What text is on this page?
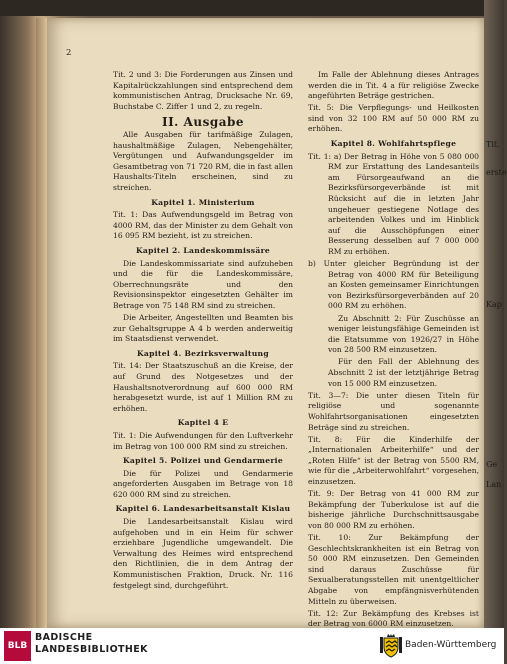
2

Tit. 2 und 3: Die Forderungen aus Zinsen und Kapitalrückzahlungen sind entsprechend dem kommunistischen Antrag, Drucksache Nr. 69, Buchstabe C. Ziffer 1 und 2, zu regeln.

II. Ausgabe

Alle Ausgaben für tarifmäßige Zulagen, haushaltmäßige Zulagen, Nebengehälter, Vergütungen und Aufwandungsgelder im Gesamtbetrag von 71 720 RM, die in fast allen Haushalts-Titeln erscheinen, sind zu streichen.

Kapitel 1. Ministerium

Tit. 1: Das Aufwendungsgeld im Betrag von 4000 RM, das der Minister zu dem Gehalt von 16 095 RM bezieht, ist zu streichen.

Kapitel 2. Landeskommissäre

Die Landeskommissariate sind aufzuheben und die für die Landeskommissäre, Oberrechnungsräte und den Revisionsinspektor eingesetzten Gehälter im Betrage von 75 148 RM sind zu streichen.

Die Arbeiter, Angestellten und Beamten bis zur Gehaltsgruppe A 4 b werden anderweitig im Staatsdienst verwendet.

Kapitel 4. Bezirksverwaltung

Tit. 14: Der Staatszuschuß an die Kreise, der auf Grund des Notgesetzes und der Haushaltsnotverordnung auf 600 000 RM herabgesetzt wurde, ist auf 1 Million RM zu erhöhen.

Kapitel 4 E

Tit. 1: Die Aufwendungen für den Luftverkehr im Betrag von 100 000 RM sind zu streichen.

Kapitel 5. Polizei und Gendarmerie

Die für Polizei und Gendarmerie angeforderten Ausgaben im Betrage von 18 620 000 RM sind zu streichen.

Kapitel 6. Landesarbeitsanstalt Kislau

Die Landesarbeitsanstalt Kislau wird aufgehoben und in ein Heim für schwer erziehbare Jugendliche umgewandelt. Die Verwaltung des Heimes wird entsprechend den Richtlinien, die in dem Antrag der Kommunistischen Fraktion, Druck. Nr. 116 festgelegt sind, durchgeführt.

Im Falle der Ablehnung dieses Antrages werden die in Tit. 4 a für religiöse Zwecke angeführten Beträge gestrichen.

Tit. 5: Die Verpflegungs- und Heilkosten sind von 32 100 RM auf 50 000 RM zu erhöhen.

Kapitel 8. Wohlfahrtspflege

Tit. 1: a) Der Betrag in Höhe von 5 080 000 RM zur Erstattung des Landesanteils am Fürsorgeaufwand an die Bezirksfürsorgeverbände ist mit Rücksicht auf die in letzten Jahr ungeheuer gestiegene Notlage des arbeitenden Volkes und im Hinblick auf die Ausschöpfungen einer Besserung desselben auf 7 000 000 RM zu erhöhen.

b) Unter gleicher Begründung ist der Betrag von 4000 RM für Beteiligung an Kosten gemeinsamer Einrichtungen von Bezirksfürsorgeverbänden auf 20 000 RM zu erhöhen.

Zu Abschnitt 2: Für Zuschüsse an weniger leistungsfähige Gemeinden ist die Etatsumme von 1926/27 in Höhe von 28 500 RM einzusetzen.

Für den Fall der Ablehnung des Abschnitt 2 ist der letztjährige Betrag von 15 000 RM einzusetzen.

Tit. 3—7: Die unter diesen Titeln für religiöse und sogenannte Wohlfahrtsorganisationen eingesetzten Beträge sind zu streichen.

Tit. 8: Für die Kinderhilfe der „Internationalen Arbeiterhilfe“ und der „Roten Hilfe“ ist der Betrag von 5500 RM, wie für die „Arbeiterwohlfahrt“ vorgesehen, einzusetzen.

Tit. 9: Der Betrag von 41 000 RM zur Bekämpfung der Tuberkulose ist auf die bisherige jährliche Durchschnittsausgabe von 80 000 RM zu erhöhen.

Tit. 10: Zur Bekämpfung der Geschlechtskrankheiten ist ein Betrag von 50 000 RM einzusetzen. Den Gemeinden sind daraus Zuschüsse für Sexualberatungsstellen mit unentgeltlicher Abgabe von empfängnisverhütenden Mitteln zu überweisen.

Tit. 12: Zur Bekämpfung des Krebses ist der Betrag von 6000 RM einzusetzen.

Tit.
erste
Kap
Ge
Lan
BLB
BADISCHE
LANDESBIBLIOTHEK	Baden-Württemberg
